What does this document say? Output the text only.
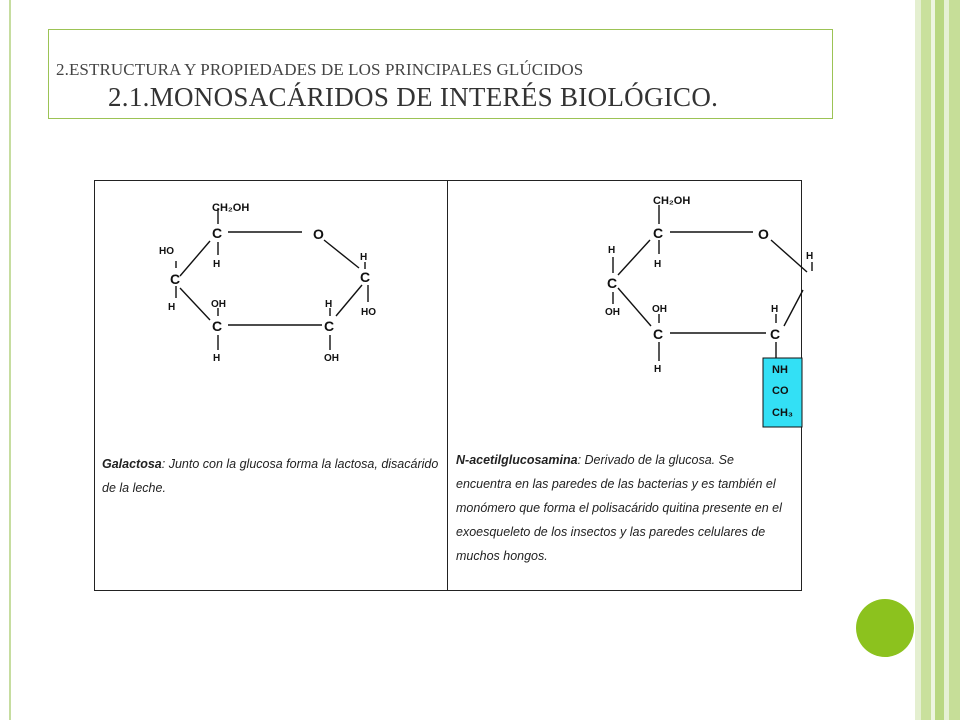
2.ESTRUCTURA Y PROPIEDADES DE LOS PRINCIPALES GLÚCIDOS
2.1.MONOSACÁRIDOS DE INTERÉS BIOLÓGICO.
CH₂OH
C
H
O
H
C
HO
HO
C
H	OH
C
H
H
C
OH
CH₂OH
C
H
O
H
H
C
OH	OH
C
H
H
C
NH
CO
CH₃
Galactosa: Junto con la glucosa forma la lactosa, disacárido de la leche.
N-acetilglucosamina: Derivado de la glucosa. Se encuentra en las paredes de las bacterias y es también el monómero que forma el polisacárido quitina presente en el exoesqueleto de los insectos y las paredes celulares de muchos hongos.
